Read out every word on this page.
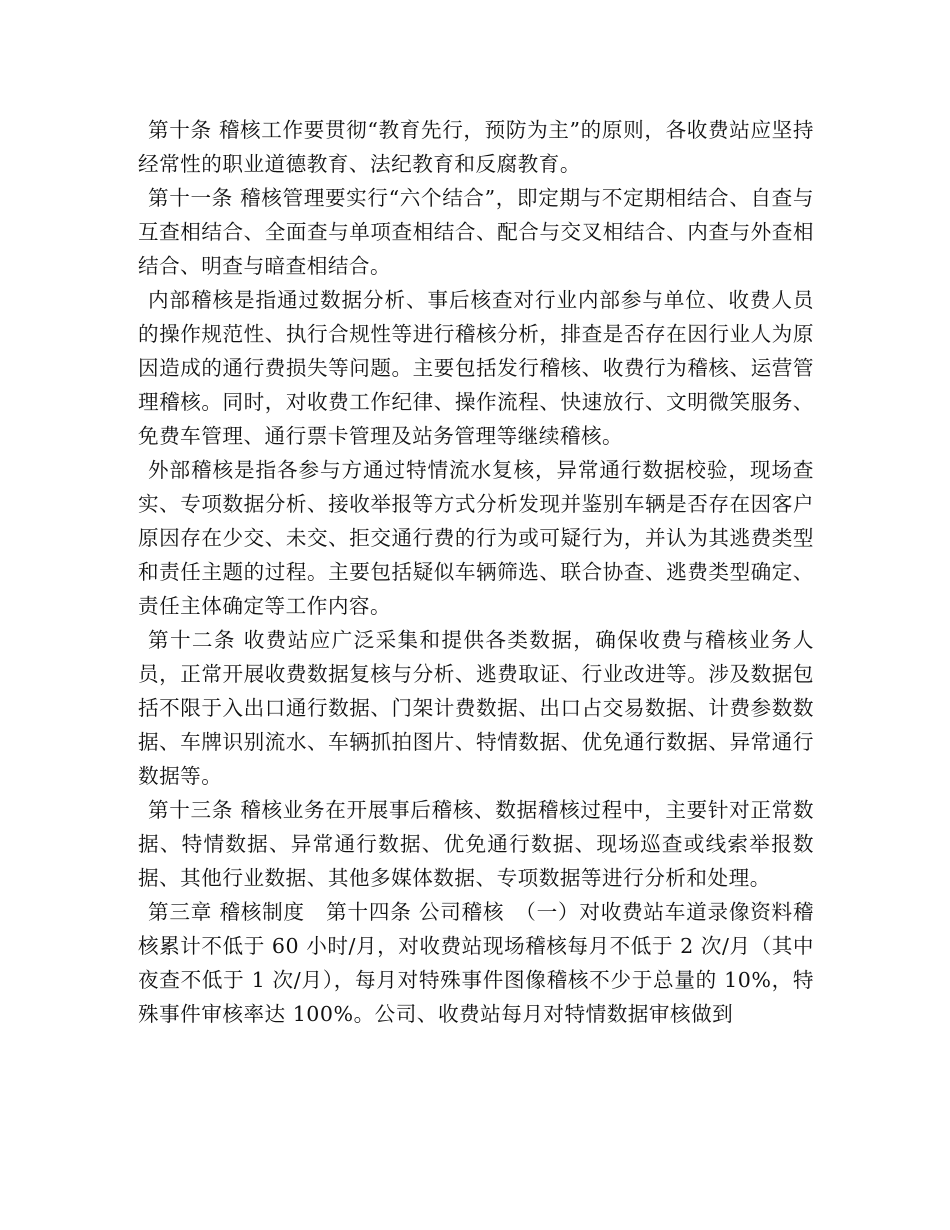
第十条 稽核工作要贯彻“教育先行，预防为主”的原则，各收费站应坚持经常性的职业道德教育、法纪教育和反腐教育。

第十一条 稽核管理要实行“六个结合”，即定期与不定期相结合、自查与互查相结合、全面查与单项查相结合、配合与交叉相结合、内查与外查相结合、明查与暗查相结合。

内部稽核是指通过数据分析、事后核查对行业内部参与单位、收费人员的操作规范性、执行合规性等进行稽核分析，排查是否存在因行业人为原因造成的通行费损失等问题。主要包括发行稽核、收费行为稽核、运营管理稽核。同时，对收费工作纪律、操作流程、快速放行、文明微笑服务、免费车管理、通行票卡管理及站务管理等继续稽核。

外部稽核是指各参与方通过特情流水复核，异常通行数据校验，现场查实、专项数据分析、接收举报等方式分析发现并鉴别车辆是否存在因客户原因存在少交、未交、拒交通行费的行为或可疑行为，并认为其逃费类型和责任主题的过程。主要包括疑似车辆筛选、联合协查、逃费类型确定、责任主体确定等工作内容。

第十二条 收费站应广泛采集和提供各类数据，确保收费与稽核业务人员，正常开展收费数据复核与分析、逃费取证、行业改进等。涉及数据包括不限于入出口通行数据、门架计费数据、出口占交易数据、计费参数数据、车牌识别流水、车辆抓拍图片、特情数据、优免通行数据、异常通行数据等。

第十三条 稽核业务在开展事后稽核、数据稽核过程中，主要针对正常数据、特情数据、异常通行数据、优免通行数据、现场巡查或线索举报数据、其他行业数据、其他多媒体数据、专项数据等进行分析和处理。

第三章 稽核制度　第十四条 公司稽核　（一）对收费站车道录像资料稽核累计不低于 60 小时/月，对收费站现场稽核每月不低于 2 次/月（其中夜查不低于 1 次/月），每月对特殊事件图像稽核不少于总量的 10%，特殊事件审核率达 100%。公司、收费站每月对特情数据审核做到
